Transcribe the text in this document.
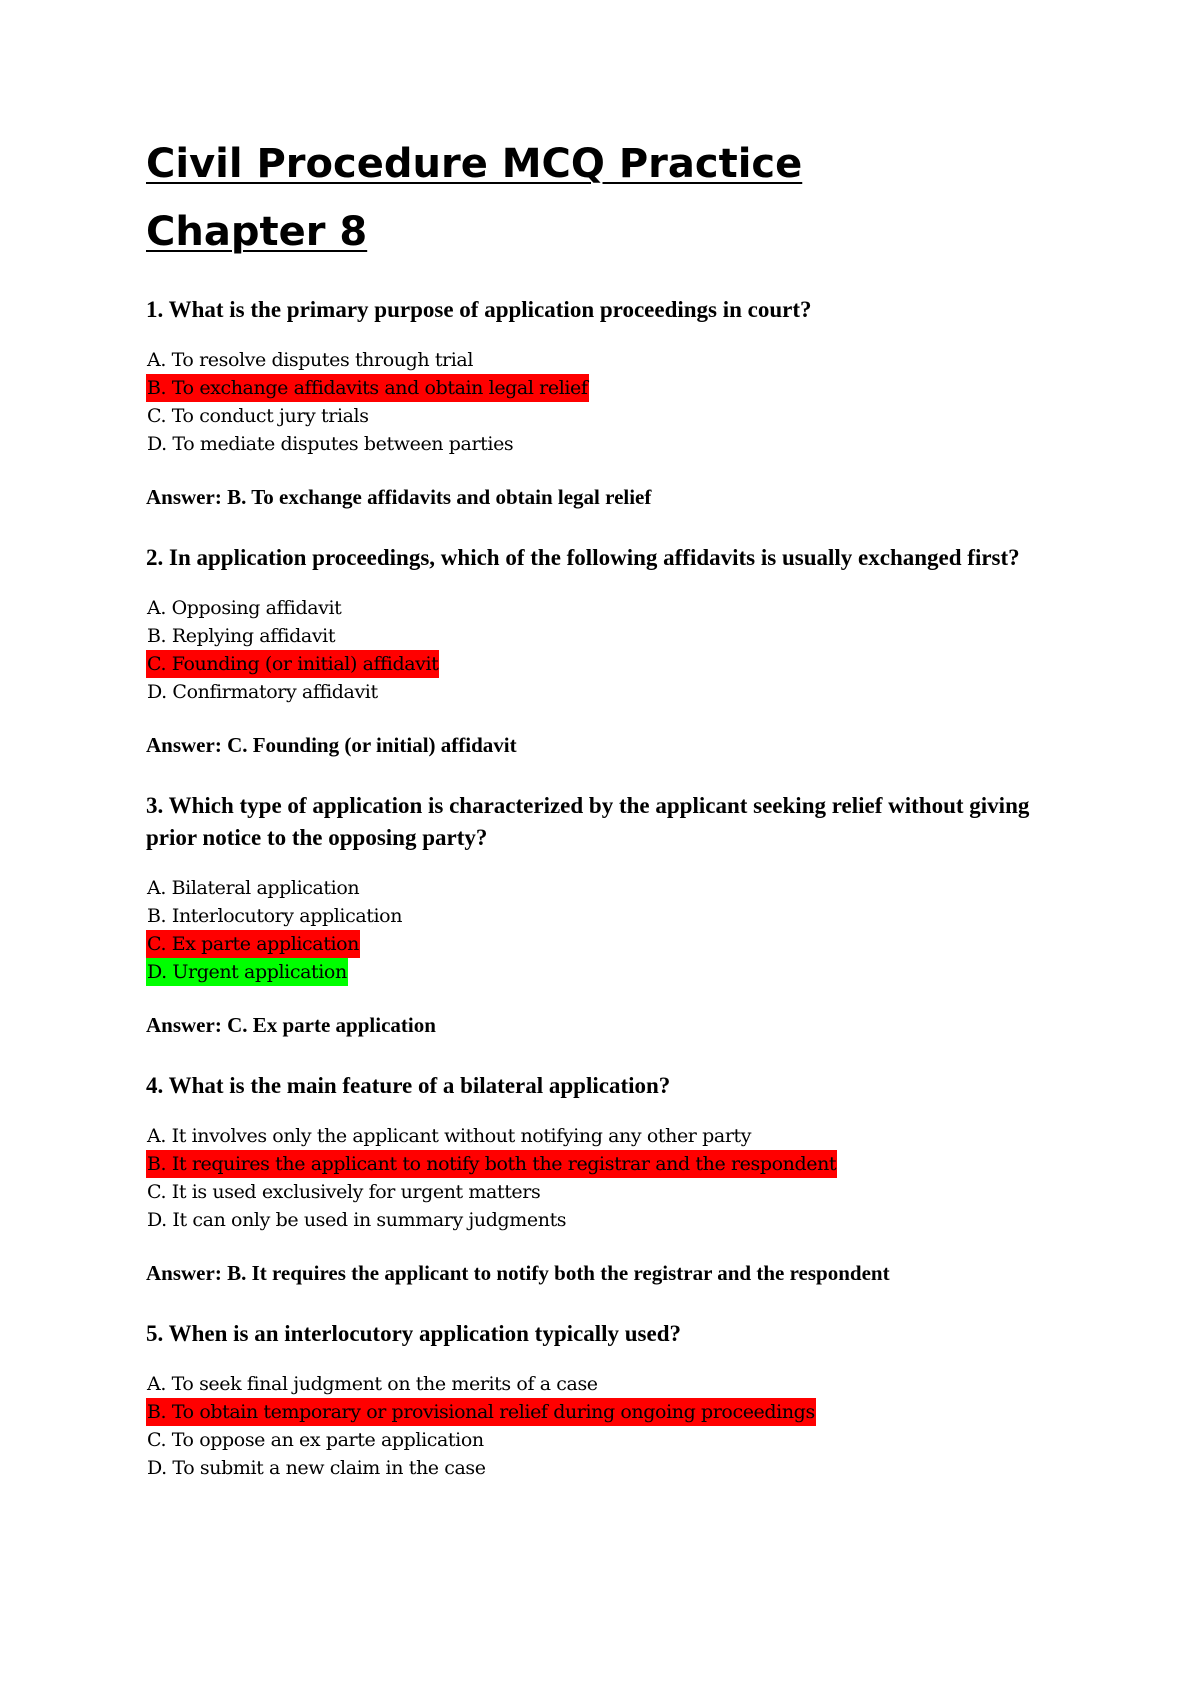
Civil Procedure MCQ Practice
Chapter 8

1. What is the primary purpose of application proceedings in court?

A. To resolve disputes through trial
B. To exchange affidavits and obtain legal relief
C. To conduct jury trials
D. To mediate disputes between parties

Answer: B. To exchange affidavits and obtain legal relief

2. In application proceedings, which of the following affidavits is usually exchanged first?

A. Opposing affidavit
B. Replying affidavit
C. Founding (or initial) affidavit
D. Confirmatory affidavit

Answer: C. Founding (or initial) affidavit

3. Which type of application is characterized by the applicant seeking relief without giving prior notice to the opposing party?

A. Bilateral application
B. Interlocutory application
C. Ex parte application
D. Urgent application

Answer: C. Ex parte application

4. What is the main feature of a bilateral application?

A. It involves only the applicant without notifying any other party
B. It requires the applicant to notify both the registrar and the respondent
C. It is used exclusively for urgent matters
D. It can only be used in summary judgments

Answer: B. It requires the applicant to notify both the registrar and the respondent

5. When is an interlocutory application typically used?

A. To seek final judgment on the merits of a case
B. To obtain temporary or provisional relief during ongoing proceedings
C. To oppose an ex parte application
D. To submit a new claim in the case
